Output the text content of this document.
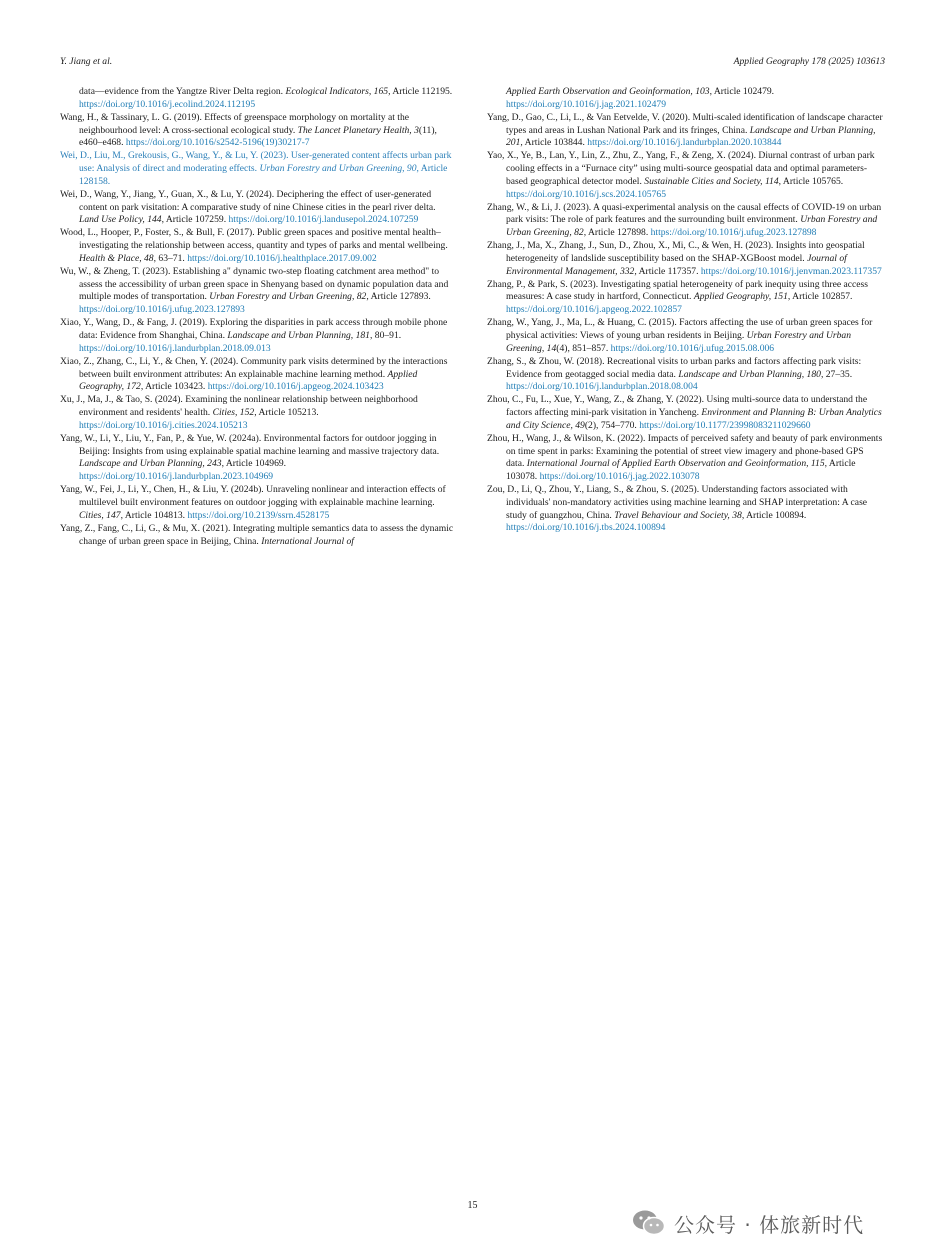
Y. Jiang et al.	Applied Geography 178 (2025) 103613

data—evidence from the Yangtze River Delta region. Ecological Indicators, 165, Article 112195. https://doi.org/10.1016/j.ecolind.2024.112195

Wang, H., & Tassinary, L. G. (2019). Effects of greenspace morphology on mortality at the neighbourhood level: A cross-sectional ecological study. The Lancet Planetary Health, 3(11), e460–e468. https://doi.org/10.1016/s2542-5196(19)30217-7

Wei, D., Liu, M., Grekousis, G., Wang, Y., & Lu, Y. (2023). User-generated content affects urban park use: Analysis of direct and moderating effects. Urban Forestry and Urban Greening, 90, Article 128158.

Wei, D., Wang, Y., Jiang, Y., Guan, X., & Lu, Y. (2024). Deciphering the effect of user-generated content on park visitation: A comparative study of nine Chinese cities in the pearl river delta. Land Use Policy, 144, Article 107259. https://doi.org/10.1016/j.landusepol.2024.107259

Wood, L., Hooper, P., Foster, S., & Bull, F. (2017). Public green spaces and positive mental health–investigating the relationship between access, quantity and types of parks and mental wellbeing. Health & Place, 48, 63–71. https://doi.org/10.1016/j.healthplace.2017.09.002

Wu, W., & Zheng, T. (2023). Establishing a" dynamic two-step floating catchment area method" to assess the accessibility of urban green space in Shenyang based on dynamic population data and multiple modes of transportation. Urban Forestry and Urban Greening, 82, Article 127893. https://doi.org/10.1016/j.ufug.2023.127893

Xiao, Y., Wang, D., & Fang, J. (2019). Exploring the disparities in park access through mobile phone data: Evidence from Shanghai, China. Landscape and Urban Planning, 181, 80–91. https://doi.org/10.1016/j.landurbplan.2018.09.013

Xiao, Z., Zhang, C., Li, Y., & Chen, Y. (2024). Community park visits determined by the interactions between built environment attributes: An explainable machine learning method. Applied Geography, 172, Article 103423. https://doi.org/10.1016/j.apgeog.2024.103423

Xu, J., Ma, J., & Tao, S. (2024). Examining the nonlinear relationship between neighborhood environment and residents' health. Cities, 152, Article 105213. https://doi.org/10.1016/j.cities.2024.105213

Yang, W., Li, Y., Liu, Y., Fan, P., & Yue, W. (2024a). Environmental factors for outdoor jogging in Beijing: Insights from using explainable spatial machine learning and massive trajectory data. Landscape and Urban Planning, 243, Article 104969. https://doi.org/10.1016/j.landurbplan.2023.104969

Yang, W., Fei, J., Li, Y., Chen, H., & Liu, Y. (2024b). Unraveling nonlinear and interaction effects of multilevel built environment features on outdoor jogging with explainable machine learning. Cities, 147, Article 104813. https://doi.org/10.2139/ssrn.4528175

Yang, Z., Fang, C., Li, G., & Mu, X. (2021). Integrating multiple semantics data to assess the dynamic change of urban green space in Beijing, China. International Journal of

Applied Earth Observation and Geoinformation, 103, Article 102479. https://doi.org/10.1016/j.jag.2021.102479

Yang, D., Gao, C., Li, L., & Van Eetvelde, V. (2020). Multi-scaled identification of landscape character types and areas in Lushan National Park and its fringes, China. Landscape and Urban Planning, 201, Article 103844. https://doi.org/10.1016/j.landurbplan.2020.103844

Yao, X., Ye, B., Lan, Y., Lin, Z., Zhu, Z., Yang, F., & Zeng, X. (2024). Diurnal contrast of urban park cooling effects in a “Furnace city” using multi-source geospatial data and optimal parameters-based geographical detector model. Sustainable Cities and Society, 114, Article 105765. https://doi.org/10.1016/j.scs.2024.105765

Zhang, W., & Li, J. (2023). A quasi-experimental analysis on the causal effects of COVID-19 on urban park visits: The role of park features and the surrounding built environment. Urban Forestry and Urban Greening, 82, Article 127898. https://doi.org/10.1016/j.ufug.2023.127898

Zhang, J., Ma, X., Zhang, J., Sun, D., Zhou, X., Mi, C., & Wen, H. (2023). Insights into geospatial heterogeneity of landslide susceptibility based on the SHAP-XGBoost model. Journal of Environmental Management, 332, Article 117357. https://doi.org/10.1016/j.jenvman.2023.117357

Zhang, P., & Park, S. (2023). Investigating spatial heterogeneity of park inequity using three access measures: A case study in hartford, Connecticut. Applied Geography, 151, Article 102857. https://doi.org/10.1016/j.apgeog.2022.102857

Zhang, W., Yang, J., Ma, L., & Huang, C. (2015). Factors affecting the use of urban green spaces for physical activities: Views of young urban residents in Beijing. Urban Forestry and Urban Greening, 14(4), 851–857. https://doi.org/10.1016/j.ufug.2015.08.006

Zhang, S., & Zhou, W. (2018). Recreational visits to urban parks and factors affecting park visits: Evidence from geotagged social media data. Landscape and Urban Planning, 180, 27–35. https://doi.org/10.1016/j.landurbplan.2018.08.004

Zhou, C., Fu, L., Xue, Y., Wang, Z., & Zhang, Y. (2022). Using multi-source data to understand the factors affecting mini-park visitation in Yancheng. Environment and Planning B: Urban Analytics and City Science, 49(2), 754–770. https://doi.org/10.1177/23998083211029660

Zhou, H., Wang, J., & Wilson, K. (2022). Impacts of perceived safety and beauty of park environments on time spent in parks: Examining the potential of street view imagery and phone-based GPS data. International Journal of Applied Earth Observation and Geoinformation, 115, Article 103078. https://doi.org/10.1016/j.jag.2022.103078

Zou, D., Li, Q., Zhou, Y., Liang, S., & Zhou, S. (2025). Understanding factors associated with individuals' non-mandatory activities using machine learning and SHAP interpretation: A case study of guangzhou, China. Travel Behaviour and Society, 38, Article 100894. https://doi.org/10.1016/j.tbs.2024.100894

15
公众号 · 体旅新时代
